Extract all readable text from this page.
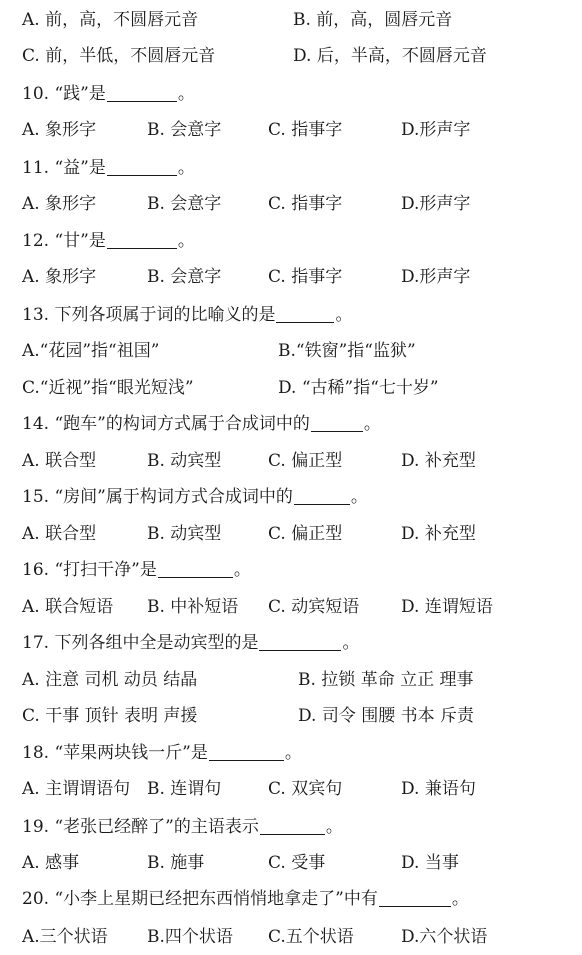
A. 前，高，不圆唇元音	B. 前，高，圆唇元音
C. 前，半低，不圆唇元音	D. 后，半高，不圆唇元音
10. “践”是	。
A. 象形字	B. 会意字	C. 指事字	D.形声字
11. “益”是	。
A. 象形字	B. 会意字	C. 指事字	D.形声字
12. “甘”是	。
A. 象形字	B. 会意字	C. 指事字	D.形声字
13. 下列各项属于词的比喻义的是	。
A.“花园”指“祖国”	B.“铁窗”指“监狱”
C.“近视”指“眼光短浅”	D. “古稀”指“七十岁”
14. “跑车”的构词方式属于合成词中的	。
A. 联合型	B. 动宾型	C. 偏正型	D. 补充型
15. “房间”属于构词方式合成词中的	。
A. 联合型	B. 动宾型	C. 偏正型	D. 补充型
16. “打扫干净”是	。
A. 联合短语 B. 中补短语 C. 动宾短语 D. 连谓短语
17. 下列各组中全是动宾型的是	。
A. 注意 司机 动员 结晶	B. 拉锁 革命 立正 理事
C. 干事 顶针 表明 声援	D. 司令 围腰 书本 斥责
18. “苹果两块钱一斤”是	。
A. 主谓谓语句 B. 连谓句	C. 双宾句	D. 兼语句
19. “老张已经醉了”的主语表示	。
A. 感事	B. 施事	C. 受事	D. 当事
20. “小李上星期已经把东西悄悄地拿走了”中有	。
A.三个状语 B.四个状语 C.五个状语	D.六个状语
